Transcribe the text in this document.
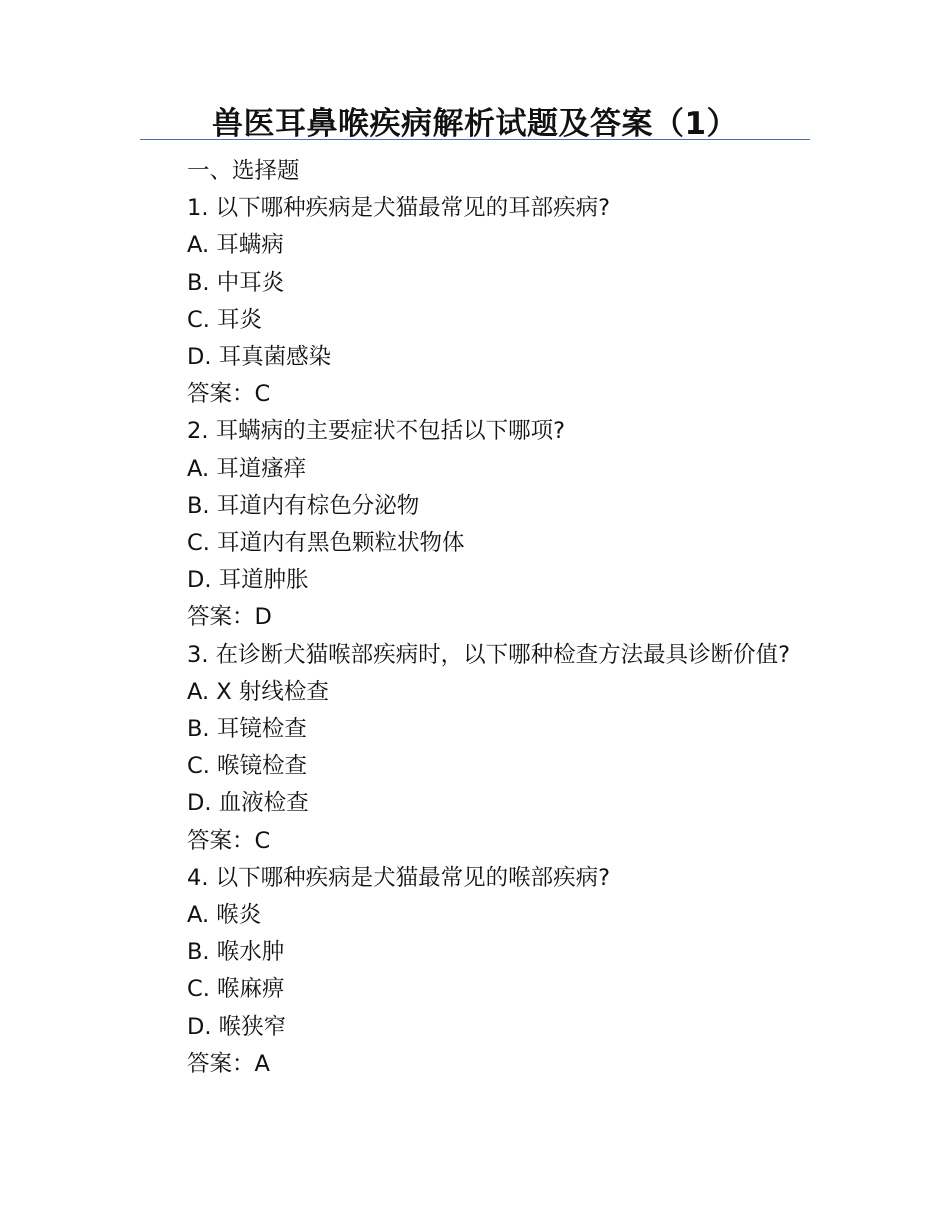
兽医耳鼻喉疾病解析试题及答案（1）
一、选择题
1. 以下哪种疾病是犬猫最常见的耳部疾病?
A. 耳螨病
B. 中耳炎
C. 耳炎
D. 耳真菌感染
答案：C
2. 耳螨病的主要症状不包括以下哪项?
A. 耳道瘙痒
B. 耳道内有棕色分泌物
C. 耳道内有黑色颗粒状物体
D. 耳道肿胀
答案：D
3. 在诊断犬猫喉部疾病时，以下哪种检查方法最具诊断价值?
A. X 射线检查
B. 耳镜检查
C. 喉镜检查
D. 血液检查
答案：C
4. 以下哪种疾病是犬猫最常见的喉部疾病?
A. 喉炎
B. 喉水肿
C. 喉麻痹
D. 喉狭窄
答案：A
